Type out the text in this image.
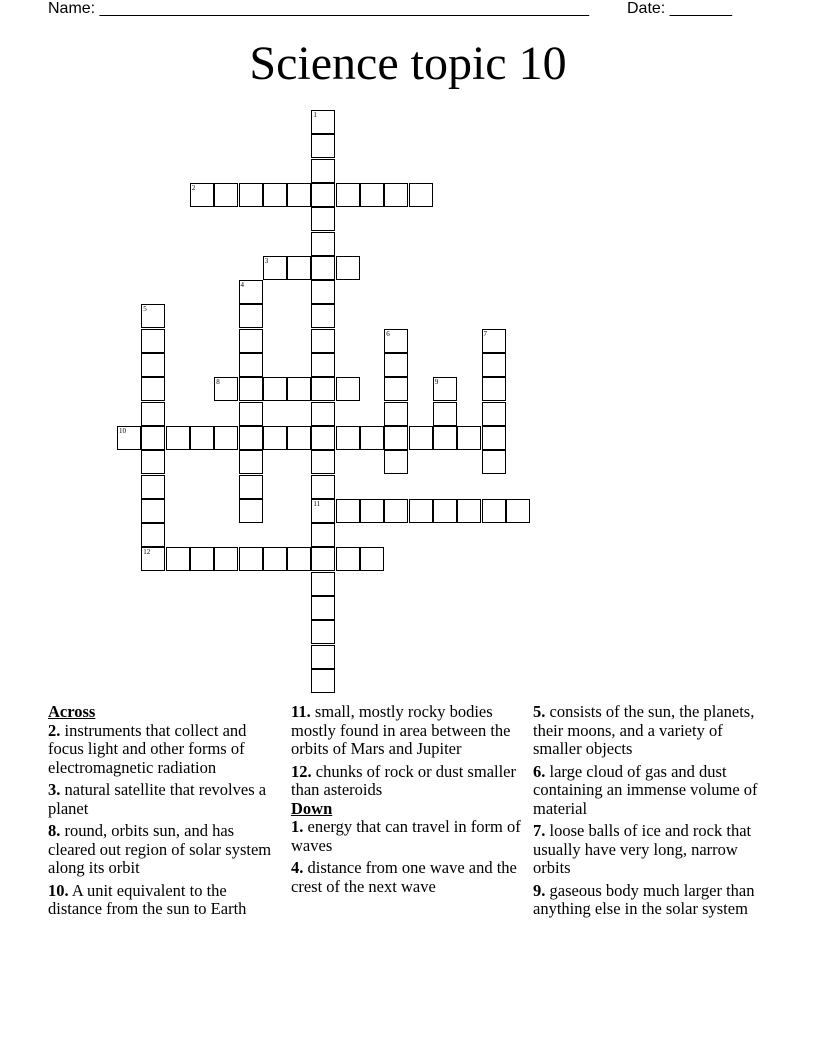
Name: _______________________________________________________ Date: _______
Science topic 10
1
11
2
3
4
5
12
6	7
8	9
10
Across
2. instruments that collect and focus light and other forms of electromagnetic radiation
3. natural satellite that revolves a planet
8. round, orbits sun, and has cleared out region of solar system along its orbit
10. A unit equivalent to the distance from the sun to Earth
11. small, mostly rocky bodies mostly found in area between the orbits of Mars and Jupiter
12. chunks of rock or dust smaller than asteroids
Down
1. energy that can travel in form of waves
4. distance from one wave and the crest of the next wave
5. consists of the sun, the planets, their moons, and a variety of smaller objects
6. large cloud of gas and dust containing an immense volume of material
7. loose balls of ice and rock that usually have very long, narrow orbits
9. gaseous body much larger than anything else in the solar system
